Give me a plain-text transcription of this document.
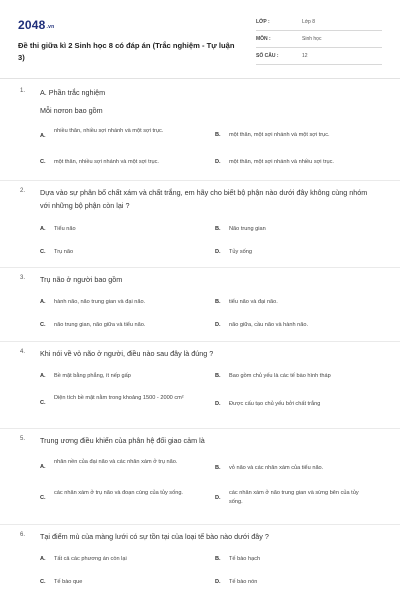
2048.vn
Đề thi giữa kì 2 Sinh học 8 có đáp án (Trắc nghiệm - Tự luận 3)
LỚP :	Lớp 8
MÔN :	Sinh học
SỐ CÂU :	12
1. A. Phần trắc nghiệm
Mỗi nơron bao gồm
A.
nhiều thân, nhiều sợi nhánh và một sợi trục.
B. một thân, một sợi nhánh và một sợi trục.
C. một thân, nhiều sợi nhánh và một sợi trục.	D. một thân, một sợi nhánh và nhiều sợi trục.
2. Dựa vào sự phân bố chất xám và chất trắng, em hãy cho biết bộ phận nào dưới đây không cùng nhóm với những bộ phận còn lại ?
A. Tiểu não	B. Não trung gian
C. Trụ não	D. Tủy sống
3. Trụ não ở người bao gồm
A. hành não, não trung gian và đại não.	B. tiểu não và đại não.
C. não trung gian, não giữa và tiểu não.	D. não giữa, cầu não và hành não.
4. Khi nói về vỏ não ở người, điều nào sau đây là đúng ?
A. Bề mặt bằng phẳng, ít nếp gấp	B. Bao gồm chủ yếu là các tế bào hình tháp
C.
Diện tích bề mặt nằm trong khoảng 1500 - 2000 cm²
D. Được cấu tạo chủ yếu bởi chất trắng
5. Trung ương điều khiển của phân hệ đối giao cảm là
A.
nhân nền của đại não và các nhân xám ở trụ não.
B. vỏ não và các nhân xám của tiểu não.
C.
các nhân xám ở trụ não và đoạn cùng của tủy sống.
D.
các nhân xám ở não trung gian và sừng bên của tủy sống.
6. Tại điểm mù của màng lưới có sự tồn tại của loại tế bào nào dưới đây ?
A. Tất cả các phương án còn lại	B. Tế bào hạch
C. Tế bào que	D. Tế bào nón
